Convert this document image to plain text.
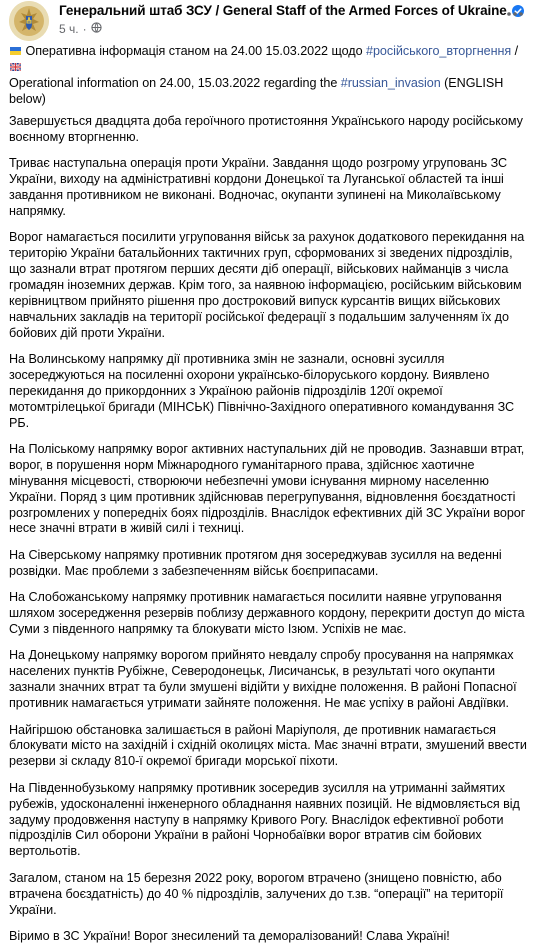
Генеральний штаб ЗСУ / General Staff of the Armed Forces of Ukraine
5 ч. ·
Оперативна інформація станом на 24.00 15.03.2022 щодо #російського_вторгнення /
Operational information on 24.00, 15.03.2022 regarding the #russian_invasion (ENGLISH below)
Завершується двадцята доба героїчного протистояння Українського народу російському воєнному вторгненню.
Триває наступальна операція проти України. Завдання щодо розгрому угруповань ЗС України, виходу на адміністративні кордони Донецької та Луганської областей та інші завдання противником не виконані. Водночас, окупанти зупинені на Миколаївському напрямку.
Ворог намагається посилити угруповання військ за рахунок додаткового перекидання на територію України батальйонних тактичних груп, сформованих зі зведених підрозділів, що зазнали втрат протягом перших десяти діб операції, військових найманців з числа громадян іноземних держав. Крім того, за наявною інформацією, російським військовим керівництвом прийнято рішення про достроковий випуск курсантів вищих військових навчальних закладів на території російської федерації з подальшим залученням їх до бойових дій проти України.
На Волинському напрямку дії противника змін не зазнали, основні зусилля зосереджуються на посиленні охорони українсько-білоруського кордону. Виявлено перекидання до прикордонних з Україною районів підрозділів 120ї окремої мотомтрілецької бригади (МІНСЬК) Північно-Західного оперативного командування ЗС РБ.
На Поліському напрямку ворог активних наступальних дій не проводив. Зазнавши втрат, ворог, в порушення норм Міжнародного гуманітарного права, здійснює хаотичне мінування місцевості, створюючи небезпечні умови існування мирному населенню України. Поряд з цим противник здійснював перегрупування, відновлення боєздатності розгромлених у попередніх боях підрозділів. Внаслідок ефективних дій ЗС України ворог несе значні втрати в живій силі і техниці.
На Сіверському напрямку противник протягом дня зосереджував зусилля на веденні розвідки. Має проблеми з забезпеченням військ боєприпасами.
На Слобожанському напрямку противник намагається посилити наявне угруповання шляхом зосередження резервів поблизу державного кордону, перекрити доступ до міста Суми з південного напрямку та блокувати місто Ізюм. Успіхів не має.
На Донецькому напрямку ворогом прийнято невдалу спробу просування на напрямках населених пунктів Рубіжне, Северодонецьк, Лисичанськ, в результаті чого окупанти зазнали значних втрат та були змушені відійти у вихідне положення. В районі Попасної противник намагається утримати зайняте положення. Не має успіху в районі Авдіївки.
Найгіршою обстановка залишається в районі Маріуполя, де противник намагається блокувати місто на західній і східній околицях міста. Має значні втрати, змушений ввести резерви зі складу 810-ї окремої бригади морської піхоти.
На Південнобузькому напрямку противник зосередив зусилля на утриманні займятих рубежів, удосконаленні інженерного обладнання наявних позицій. Не відмовляється від задуму продовження наступу в напрямку Кривого Рогу. Внаслідок ефективної роботи підрозділів Сил оборони України в районі Чорнобаївки ворог втратив сім бойових вертольотів.
Загалом, станом на 15 березня 2022 року, ворогом втрачено (знищено повністю, або втрачена боєздатність) до 40 % підрозділів, залучених до т.зв. “операції” на території України.
Віримо в ЗС України! Ворог знесилений та деморалізований! Слава Україні!
